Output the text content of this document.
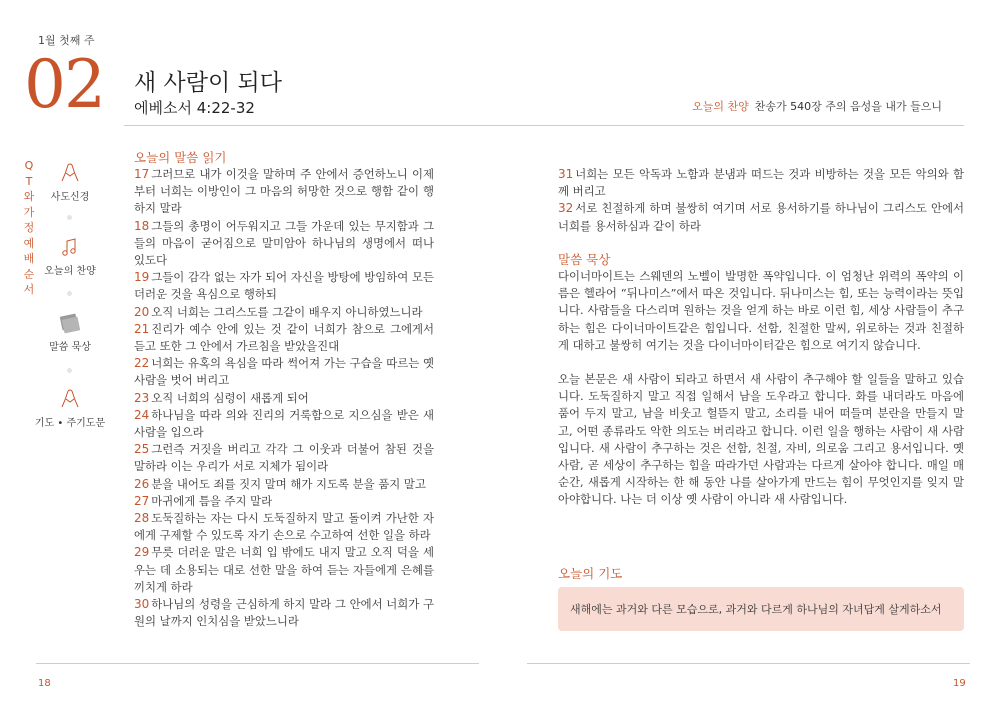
1월 첫째 주
02 새 사람이 되다
에베소서 4:22-32	오늘의 찬양 찬송가 540장 주의 음성을 내가 들으니
QT와 가정예배 순서
사도신경
오늘의 찬양
말씀 묵상
기도 • 주기도문
오늘의 말씀 읽기

17 그러므로 내가 이것을 말하며 주 안에서 증언하노니 이제부터 너희는 이방인이 그 마음의 허망한 것으로 행함 같이 행하지 말라

18 그들의 총명이 어두워지고 그들 가운데 있는 무지함과 그들의 마음이 굳어짐으로 말미암아 하나님의 생명에서 떠나 있도다

19 그들이 감각 없는 자가 되어 자신을 방탕에 방임하여 모든 더러운 것을 욕심으로 행하되

20 오직 너희는 그리스도를 그같이 배우지 아니하였느니라

21 진리가 예수 안에 있는 것 같이 너희가 참으로 그에게서 듣고 또한 그 안에서 가르침을 받았을진대

22 너희는 유혹의 욕심을 따라 썩어져 가는 구습을 따르는 옛 사람을 벗어 버리고

23 오직 너희의 심령이 새롭게 되어

24 하나님을 따라 의와 진리의 거룩함으로 지으심을 받은 새 사람을 입으라

25 그런즉 거짓을 버리고 각각 그 이웃과 더불어 참된 것을 말하라 이는 우리가 서로 지체가 됨이라

26 분을 내어도 죄를 짓지 말며 해가 지도록 분을 품지 말고

27 마귀에게 틈을 주지 말라

28 도둑질하는 자는 다시 도둑질하지 말고 돌이켜 가난한 자에게 구제할 수 있도록 자기 손으로 수고하여 선한 일을 하라

29 무릇 더러운 말은 너희 입 밖에도 내지 말고 오직 덕을 세우는 데 소용되는 대로 선한 말을 하여 듣는 자들에게 은혜를 끼치게 하라

30 하나님의 성령을 근심하게 하지 말라 그 안에서 너희가 구원의 날까지 인치심을 받았느니라

31 너희는 모든 악독과 노함과 분냄과 떠드는 것과 비방하는 것을 모든 악의와 함께 버리고

32 서로 친절하게 하며 불쌍히 여기며 서로 용서하기를 하나님이 그리스도 안에서 너희를 용서하심과 같이 하라

말씀 묵상

다이너마이트는 스웨덴의 노벨이 발명한 폭약입니다. 이 엄청난 위력의 폭약의 이름은 헬라어 “뒤나미스”에서 따온 것입니다. 뒤나미스는 힘, 또는 능력이라는 뜻입니다. 사람들을 다스리며 원하는 것을 얻게 하는 바로 이런 힘, 세상 사람들이 추구하는 힘은 다이너마이트같은 힘입니다. 선함, 친절한 말씨, 위로하는 것과 친절하게 대하고 불쌍히 여기는 것을 다이너마이터같은 힘으로 여기지 않습니다.

오늘 본문은 새 사람이 되라고 하면서 새 사람이 추구해야 할 일들을 말하고 있습니다. 도둑질하지 말고 직접 일해서 남을 도우라고 합니다. 화를 내더라도 마음에 품어 두지 말고, 남을 비웃고 헐뜯지 말고, 소리를 내어 떠들며 분란을 만들지 말고, 어떤 종류라도 악한 의도는 버리라고 합니다. 이런 일을 행하는 사람이 새 사람입니다. 새 사람이 추구하는 것은 선함, 친절, 자비, 의로움 그리고 용서입니다. 옛 사람, 곧 세상이 추구하는 힘을 따라가던 사람과는 다르게 살아야 합니다. 매일 매 순간, 새롭게 시작하는 한 해 동안 나를 살아가게 만드는 힘이 무엇인지를 잊지 말아야합니다. 나는 더 이상 옛 사람이 아니라 새 사람입니다.

오늘의 기도
새해에는 과거와 다른 모습으로, 과거와 다르게 하나님의 자녀답게 살게하소서
18	19
